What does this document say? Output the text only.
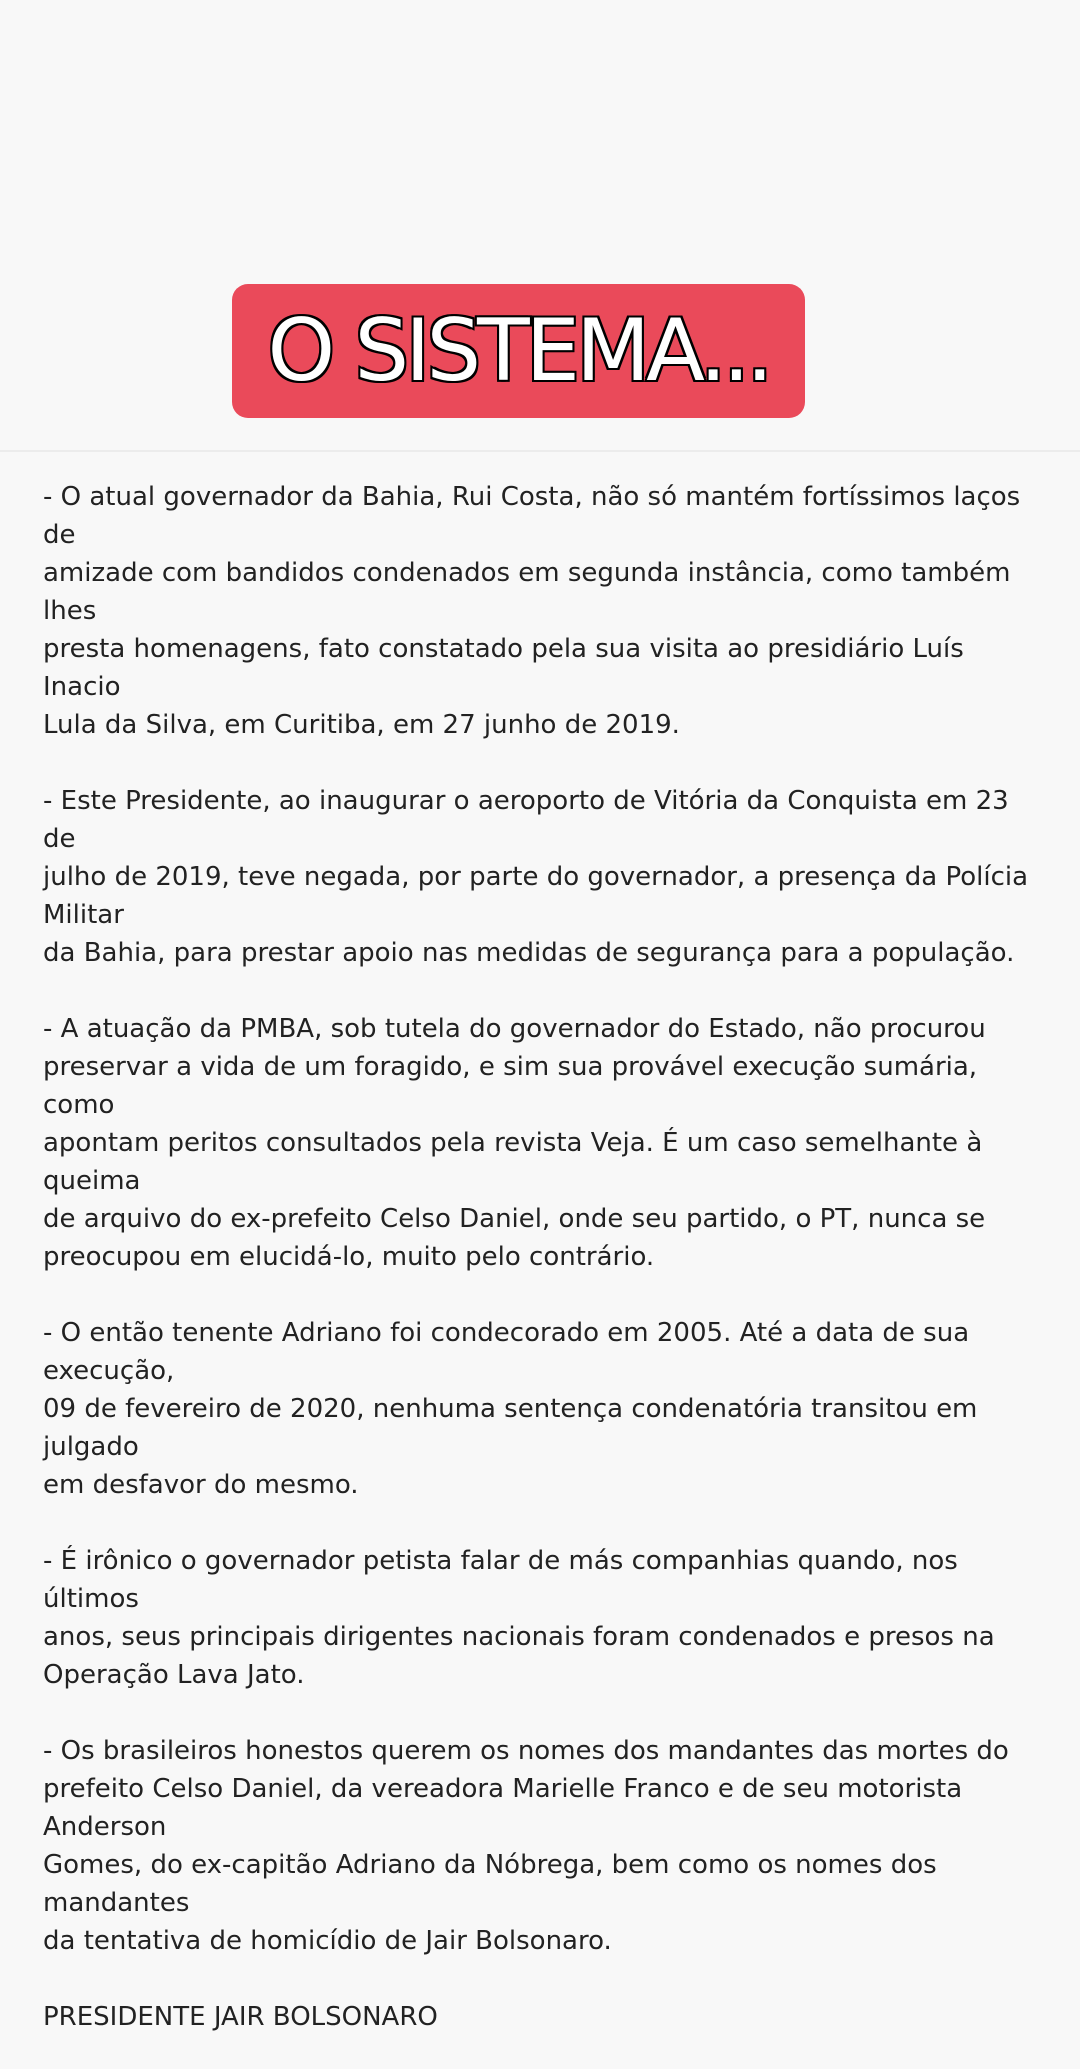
O SISTEMA...

- O atual governador da Bahia, Rui Costa, não só mantém fortíssimos laços de
amizade com bandidos condenados em segunda instância, como também lhes
presta homenagens, fato constatado pela sua visita ao presidiário Luís Inacio
Lula da Silva, em Curitiba, em 27 junho de 2019.

- Este Presidente, ao inaugurar o aeroporto de Vitória da Conquista em 23 de
julho de 2019, teve negada, por parte do governador, a presença da Polícia Militar
da Bahia, para prestar apoio nas medidas de segurança para a população.

- A atuação da PMBA, sob tutela do governador do Estado, não procurou
preservar a vida de um foragido, e sim sua provável execução sumária, como
apontam peritos consultados pela revista Veja. É um caso semelhante à queima
de arquivo do ex-prefeito Celso Daniel, onde seu partido, o PT, nunca se
preocupou em elucidá-lo, muito pelo contrário.

- O então tenente Adriano foi condecorado em 2005. Até a data de sua execução,
09 de fevereiro de 2020, nenhuma sentença condenatória transitou em julgado
em desfavor do mesmo.

- É irônico o governador petista falar de más companhias quando, nos últimos
anos, seus principais dirigentes nacionais foram condenados e presos na
Operação Lava Jato.

- Os brasileiros honestos querem os nomes dos mandantes das mortes do
prefeito Celso Daniel, da vereadora Marielle Franco e de seu motorista Anderson
Gomes, do ex-capitão Adriano da Nóbrega, bem como os nomes dos mandantes
da tentativa de homicídio de Jair Bolsonaro.

PRESIDENTE JAIR BOLSONARO
